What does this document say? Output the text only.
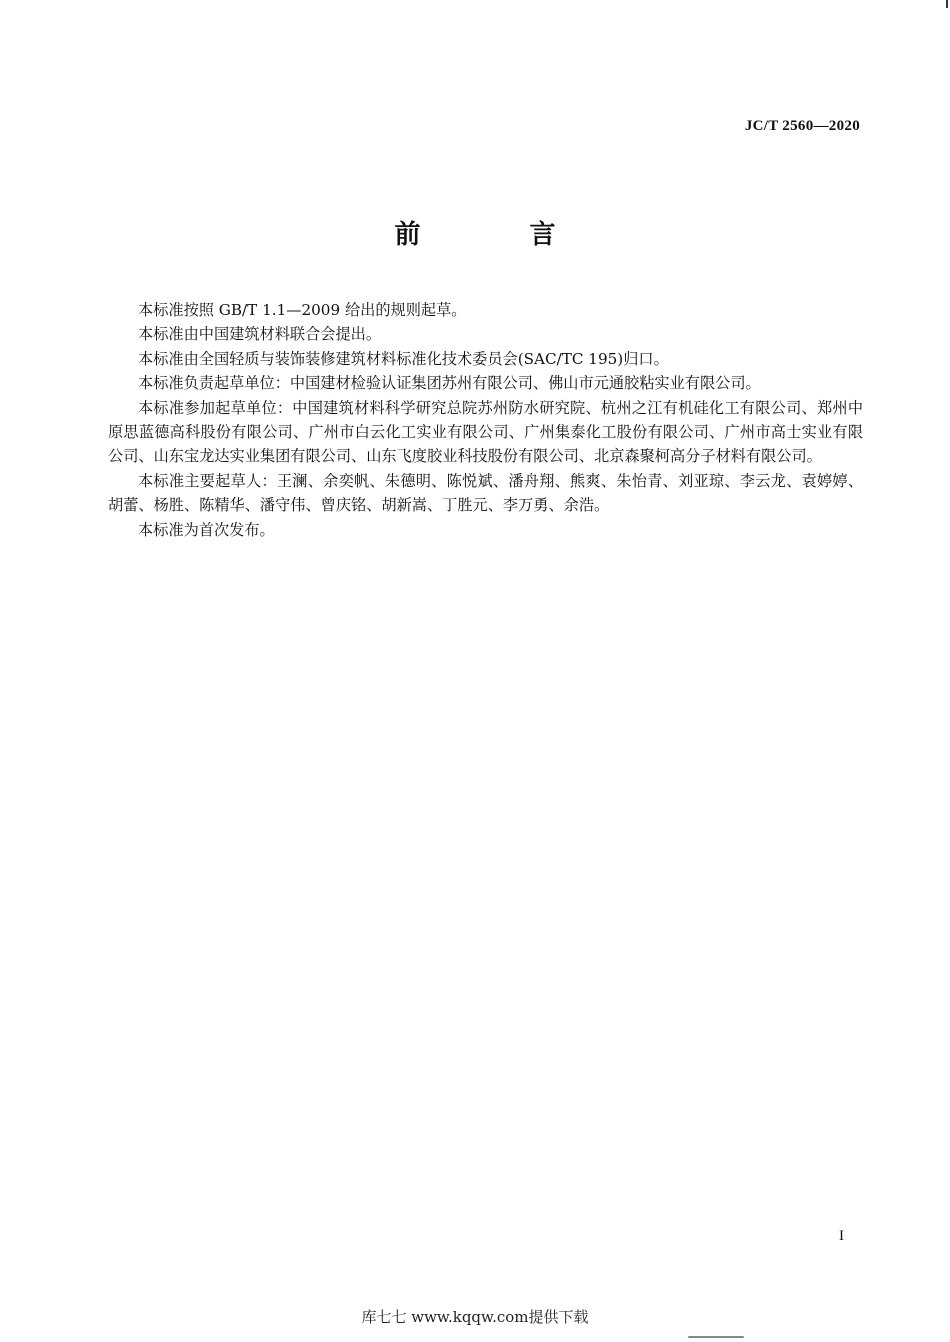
JC/T 2560—2020
前 言

本标准按照 GB/T 1.1—2009 给出的规则起草。

本标准由中国建筑材料联合会提出。

本标准由全国轻质与装饰装修建筑材料标准化技术委员会(SAC/TC 195)归口。

本标准负责起草单位：中国建材检验认证集团苏州有限公司、佛山市元通胶粘实业有限公司。

本标准参加起草单位：中国建筑材料科学研究总院苏州防水研究院、杭州之江有机硅化工有限公司、郑州中原思蓝德高科股份有限公司、广州市白云化工实业有限公司、广州集泰化工股份有限公司、广州市高士实业有限公司、山东宝龙达实业集团有限公司、山东飞度胶业科技股份有限公司、北京森聚柯高分子材料有限公司。

本标准主要起草人：王澜、余奕帆、朱德明、陈悦斌、潘舟翔、熊爽、朱怡青、刘亚琼、李云龙、袁婷婷、胡蕾、杨胜、陈精华、潘守伟、曾庆铭、胡新嵩、丁胜元、李万勇、余浩。

本标准为首次发布。

I
库七七 www.kqqw.com提供下载
